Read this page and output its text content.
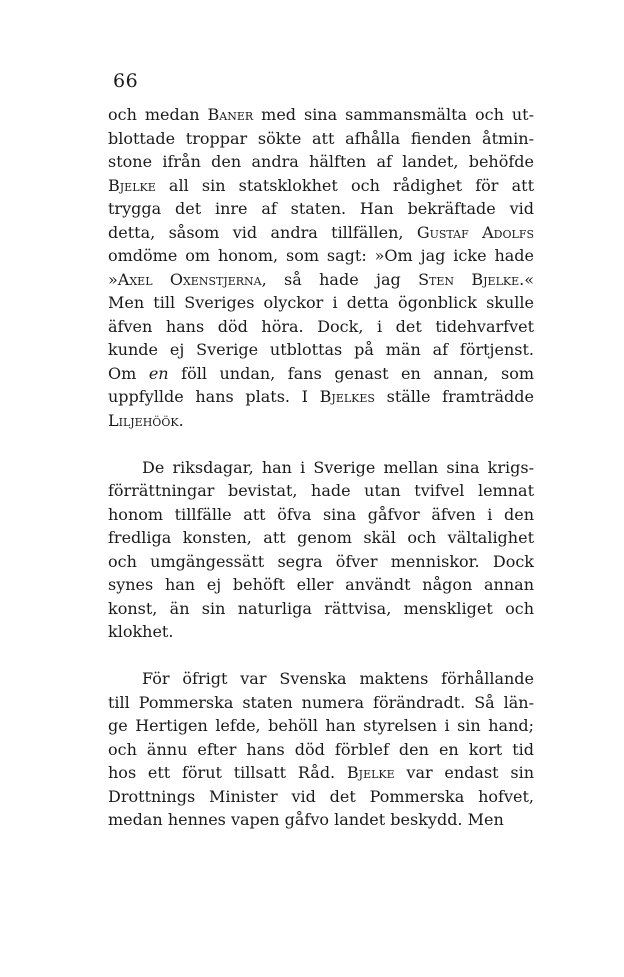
66
och medan Baner med sina sammansmälta och ut-
blottade troppar sökte att afhålla fienden åtmin-
stone ifrån den andra hälften af landet, behöfde
Bjelke all sin statsklokhet och rådighet för att
trygga det inre af staten. Han bekräftade vid
detta, såsom vid andra tillfällen, Gustaf Adolfs
omdöme om honom, som sagt: »Om jag icke hade
»Axel Oxenstjerna, så hade jag Sten Bjelke.«
Men till Sveriges olyckor i detta ögonblick skulle
äfven hans död höra. Dock, i det tidehvarfvet
kunde ej Sverige utblottas på män af förtjenst.
Om en föll undan, fans genast en annan, som
uppfyllde hans plats. I Bjelkes ställe framträdde
Liljehöök.
De riksdagar, han i Sverige mellan sina krigs-
förrättningar bevistat, hade utan tvifvel lemnat
honom tillfälle att öfva sina gåfvor äfven i den
fredliga konsten, att genom skäl och vältalighet
och umgängessätt segra öfver menniskor. Dock
synes han ej behöft eller användt någon annan
konst, än sin naturliga rättvisa, menskliget och
klokhet.
För öfrigt var Svenska maktens förhållande
till Pommerska staten numera förändradt. Så län-
ge Hertigen lefde, behöll han styrelsen i sin hand;
och ännu efter hans död förblef den en kort tid
hos ett förut tillsatt Råd. Bjelke var endast sin
Drottnings Minister vid det Pommerska hofvet,
medan hennes vapen gåfvo landet beskydd. Men
